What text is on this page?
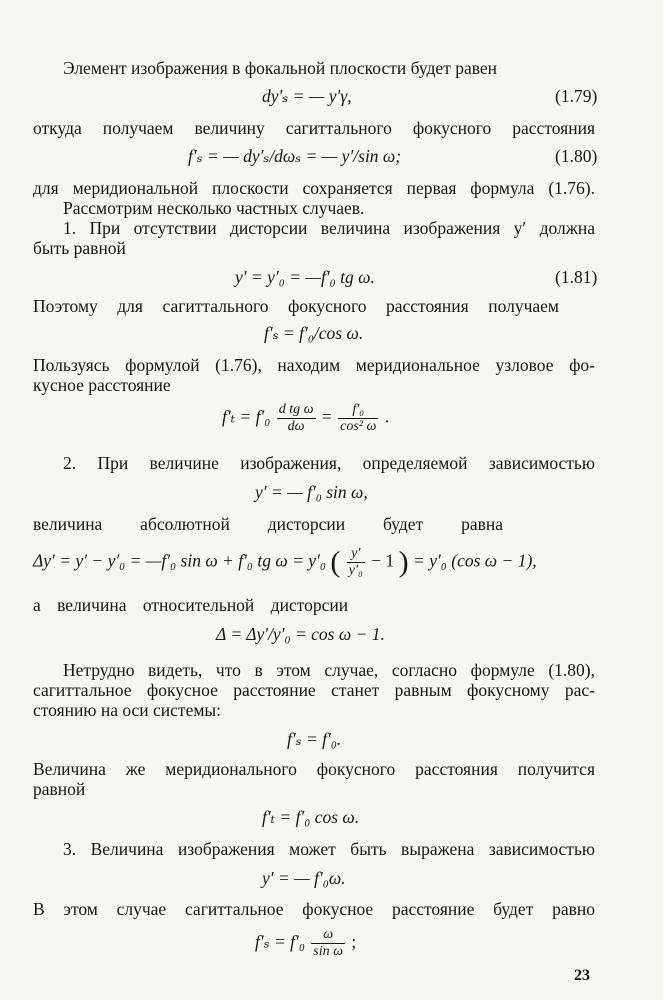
Элемент изображения в фокальной плоскости будет равен
dy′ₛ = — y′γ,	(1.79)
откуда получаем величину сагиттального фокусного расстояния
f′ₛ = — dy′ₛ/dωₛ = — y′/sin ω;	(1.80)
для меридиональной плоскости сохраняется первая формула (1.76).
Рассмотрим несколько частных случаев.
1. При отсутствии дисторсии величина изображения y′ должна
быть равной
y′ = y′₀ = —f′₀ tg ω.	(1.81)
Поэтому для сагиттального фокусного расстояния получаем
f′ₛ = f′₀/cos ω.
Пользуясь формулой (1.76), находим меридиональное узловое фо-
кусное расстояние
$f'_t = f'_0 \frac{\text{d tg ω}}{d\omega} = \frac{\text{f′₀}}{\text{cos² ω}}$ .
2. При величине изображения, определяемой зависимостью
y′ = — f′₀ sin ω,
величина абсолютной дисторсии будет равна
Δy′ = y′ − y′₀ = —f′₀ sin ω + f′₀ tg ω = y′₀ ( $\frac{y'}{\text{y′₀}} - 1$ ) = y′₀ (cos ω − 1),
а величина относительной дисторсии
Δ = Δy′/y′₀ = cos ω − 1.
Нетрудно видеть, что в этом случае, согласно формуле (1.80),
сагиттальное фокусное расстояние станет равным фокусному рас-
стоянию на оси системы:
f′ₛ = f′₀.
Величина же меридионального фокусного расстояния получится
равной
f′ₜ = f′₀ cos ω.
3. Величина изображения может быть выражена зависимостью
y′ = — f′₀ω.
В этом случае сагиттальное фокусное расстояние будет равно
$f'_s = f'_0 \frac{\omega}{\text{sin ω}}$ ;
23
